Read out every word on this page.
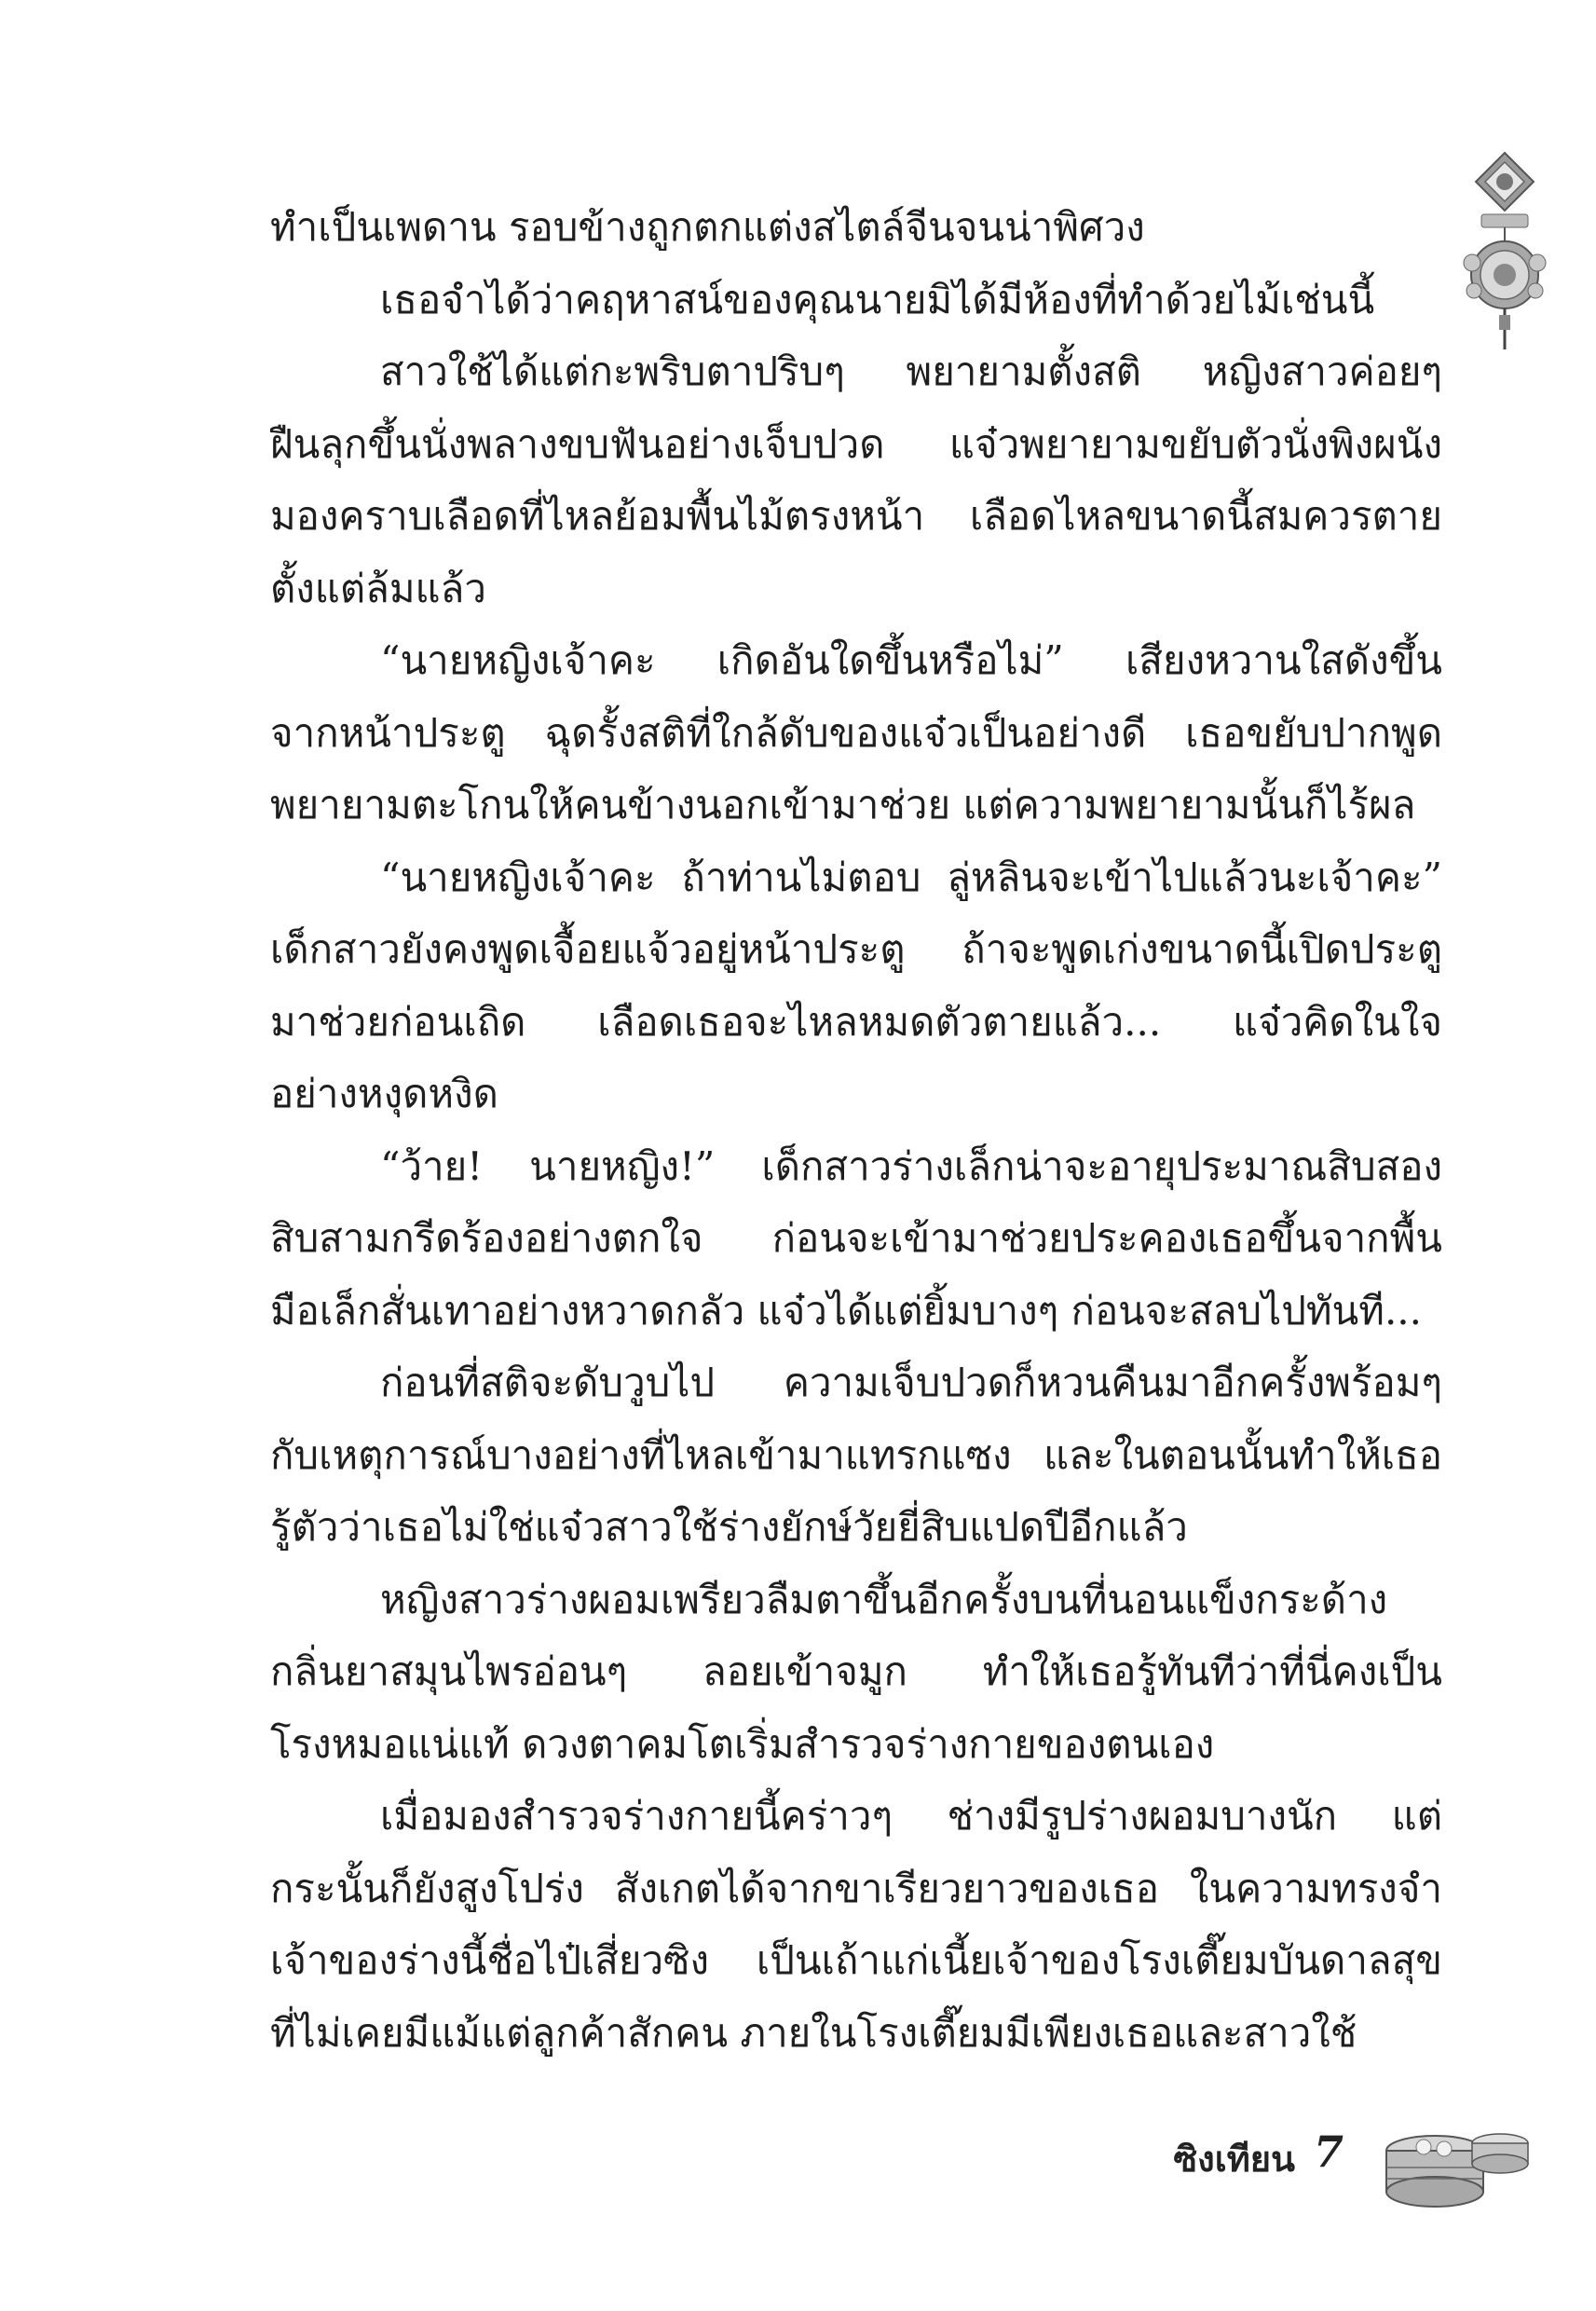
ทำเป็นเพดาน รอบข้างถูกตกแต่งสไตล์จีนจนน่าพิศวง
เธอจำได้ว่าคฤหาสน์ของคุณนายมิได้มีห้องที่ทำด้วยไม้เช่นนี้
สาวใช้ได้แต่กะพริบตาปริบๆ พยายามตั้งสติ หญิงสาวค่อยๆ
ฝืนลุกขึ้นนั่งพลางขบฟันอย่างเจ็บปวด แจ๋วพยายามขยับตัวนั่งพิงผนัง
มองคราบเลือดที่ไหลย้อมพื้นไม้ตรงหน้า เลือดไหลขนาดนี้สมควรตาย
ตั้งแต่ล้มแล้ว
“นายหญิงเจ้าคะ เกิดอันใดขึ้นหรือไม่” เสียงหวานใสดังขึ้น
จากหน้าประตู ฉุดรั้งสติที่ใกล้ดับของแจ๋วเป็นอย่างดี เธอขยับปากพูด
พยายามตะโกนให้คนข้างนอกเข้ามาช่วย แต่ความพยายามนั้นก็ไร้ผล
“นายหญิงเจ้าคะ ถ้าท่านไม่ตอบ ลู่หลินจะเข้าไปแล้วนะเจ้าคะ”
เด็กสาวยังคงพูดเจื้อยแจ้วอยู่หน้าประตู ถ้าจะพูดเก่งขนาดนี้เปิดประตู
มาช่วยก่อนเถิด เลือดเธอจะไหลหมดตัวตายแล้ว... แจ๋วคิดในใจ
อย่างหงุดหงิด
“ว้าย! นายหญิง!” เด็กสาวร่างเล็กน่าจะอายุประมาณสิบสอง
สิบสามกรีดร้องอย่างตกใจ ก่อนจะเข้ามาช่วยประคองเธอขึ้นจากพื้น
มือเล็กสั่นเทาอย่างหวาดกลัว แจ๋วได้แต่ยิ้มบางๆ ก่อนจะสลบไปทันที...
ก่อนที่สติจะดับวูบไป ความเจ็บปวดก็หวนคืนมาอีกครั้งพร้อมๆ
กับเหตุการณ์บางอย่างที่ไหลเข้ามาแทรกแซง และในตอนนั้นทำให้เธอ
รู้ตัวว่าเธอไม่ใช่แจ๋วสาวใช้ร่างยักษ์วัยยี่สิบแปดปีอีกแล้ว
หญิงสาวร่างผอมเพรียวลืมตาขึ้นอีกครั้งบนที่นอนแข็งกระด้าง
กลิ่นยาสมุนไพรอ่อนๆ ลอยเข้าจมูก ทำให้เธอรู้ทันทีว่าที่นี่คงเป็น
โรงหมอแน่แท้ ดวงตาคมโตเริ่มสำรวจร่างกายของตนเอง
เมื่อมองสำรวจร่างกายนี้คร่าวๆ ช่างมีรูปร่างผอมบางนัก แต่
กระนั้นก็ยังสูงโปร่ง สังเกตได้จากขาเรียวยาวของเธอ ในความทรงจำ
เจ้าของร่างนี้ชื่อไป๋เสี่ยวซิง เป็นเถ้าแก่เนี้ยเจ้าของโรงเตี๊ยมบันดาลสุข
ที่ไม่เคยมีแม้แต่ลูกค้าสักคน ภายในโรงเตี๊ยมมีเพียงเธอและสาวใช้
ซิงเทียน 7
